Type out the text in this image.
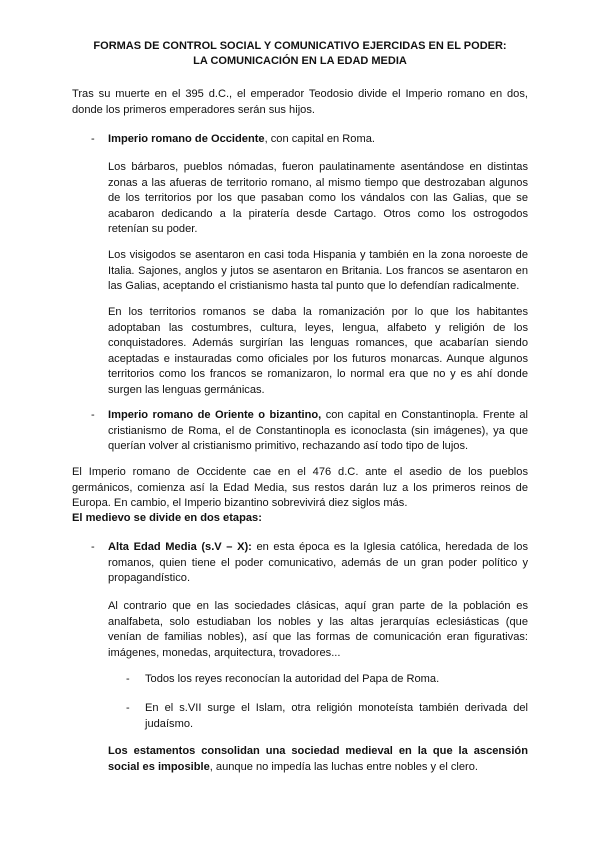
FORMAS DE CONTROL SOCIAL Y COMUNICATIVO EJERCIDAS EN EL PODER:
LA COMUNICACIÓN EN LA EDAD MEDIA

Tras su muerte en el 395 d.C., el emperador Teodosio divide el Imperio romano en dos, donde los primeros emperadores serán sus hijos.

- Imperio romano de Occidente, con capital en Roma.

Los bárbaros, pueblos nómadas, fueron paulatinamente asentándose en distintas zonas a las afueras de territorio romano, al mismo tiempo que destrozaban algunos de los territorios por los que pasaban como los vándalos con las Galias, que se acabaron dedicando a la piratería desde Cartago. Otros como los ostrogodos retenían su poder.

Los visigodos se asentaron en casi toda Hispania y también en la zona noroeste de Italia. Sajones, anglos y jutos se asentaron en Britania. Los francos se asentaron en las Galias, aceptando el cristianismo hasta tal punto que lo defendían radicalmente.

En los territorios romanos se daba la romanización por lo que los habitantes adoptaban las costumbres, cultura, leyes, lengua, alfabeto y religión de los conquistadores. Además surgirían las lenguas romances, que acabarían siendo aceptadas e instauradas como oficiales por los futuros monarcas. Aunque algunos territorios como los francos se romanizaron, lo normal era que no y es ahí donde surgen las lenguas germánicas.

- Imperio romano de Oriente o bizantino, con capital en Constantinopla. Frente al cristianismo de Roma, el de Constantinopla es iconoclasta (sin imágenes), ya que querían volver al cristianismo primitivo, rechazando así todo tipo de lujos.

El Imperio romano de Occidente cae en el 476 d.C. ante el asedio de los pueblos germánicos, comienza así la Edad Media, sus restos darán luz a los primeros reinos de Europa. En cambio, el Imperio bizantino sobrevivirá diez siglos más.

El medievo se divide en dos etapas:

- Alta Edad Media (s.V – X): en esta época es la Iglesia católica, heredada de los romanos, quien tiene el poder comunicativo, además de un gran poder político y propagandístico.

Al contrario que en las sociedades clásicas, aquí gran parte de la población es analfabeta, solo estudiaban los nobles y las altas jerarquías eclesiásticas (que venían de familias nobles), así que las formas de comunicación eran figurativas: imágenes, monedas, arquitectura, trovadores...

- Todos los reyes reconocían la autoridad del Papa de Roma.

- En el s.VII surge el Islam, otra religión monoteísta también derivada del judaísmo.

Los estamentos consolidan una sociedad medieval en la que la ascensión social es imposible, aunque no impedía las luchas entre nobles y el clero.
